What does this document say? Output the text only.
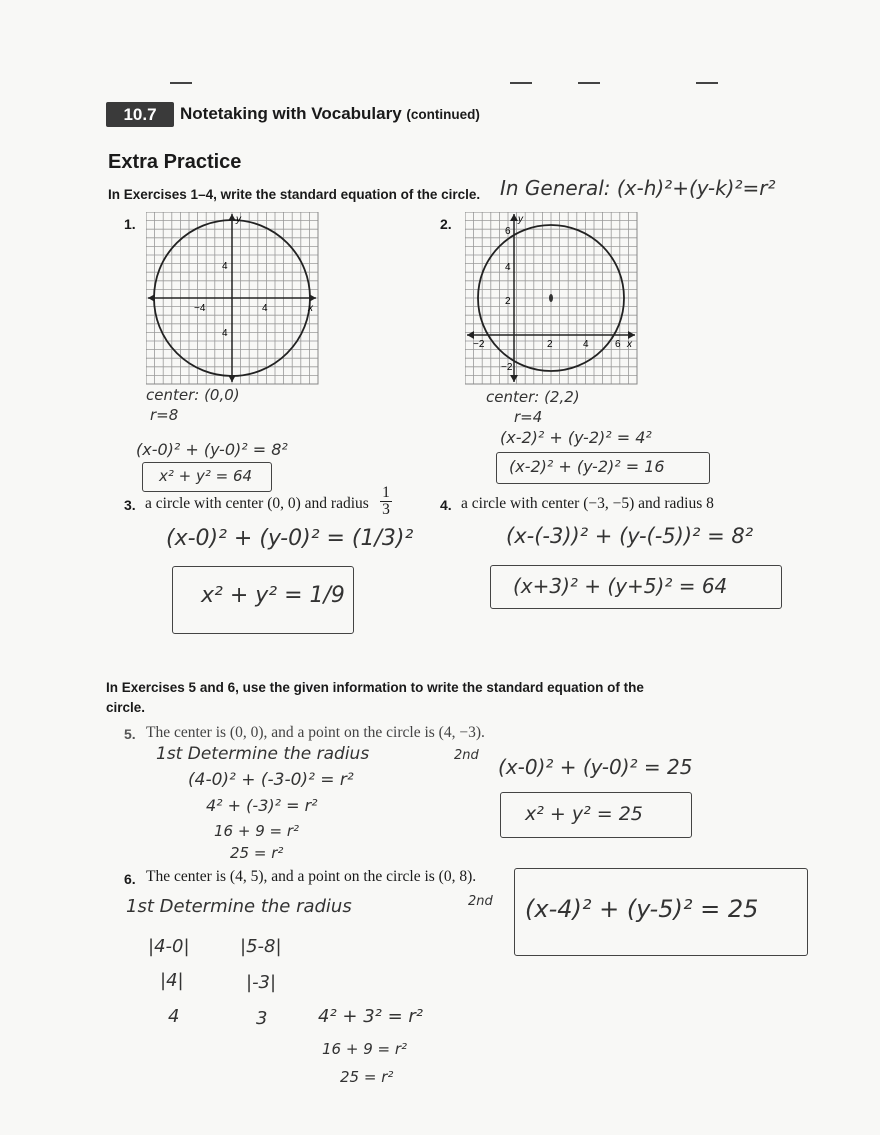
10.7	Notetaking with Vocabulary (continued)
Extra Practice
In Exercises 1–4, write the standard equation of the circle. In General: (x-h)²+(y-k)²=r²
1.	y
x
−4	4
4
4
center: (0,0)
r=8
(x-0)² + (y-0)² = 8²
x² + y² = 64
2.	y
x
−2	2	4	6
6
4
2
−2
center: (2,2)
r=4
(x-2)² + (y-2)² = 4²
(x-2)² + (y-2)² = 16
3. a circle with center (0, 0) and radius $\frac{1}{3}$
(x-0)² + (y-0)² = (1/3)²
x² + y² = 1/9
4. a circle with center (−3, −5) and radius 8
(x-(-3))² + (y-(-5))² = 8²
(x+3)² + (y+5)² = 64
In Exercises 5 and 6, use the given information to write the standard equation of the circle.
5. The center is (0, 0), and a point on the circle is (4, −3).
1st Determine the radius
(4-0)² + (-3-0)² = r²
4² + (-3)² = r²
16 + 9 = r²
25 = r²
2nd (x-0)² + (y-0)² = 25
x² + y² = 25
6. The center is (4, 5), and a point on the circle is (0, 8).
1st Determine the radius
|4-0|	|5-8|
|4|	|-3|
4	3	4² + 3² = r²
16 + 9 = r²
25 = r²
2nd (x-4)² + (y-5)² = 25
